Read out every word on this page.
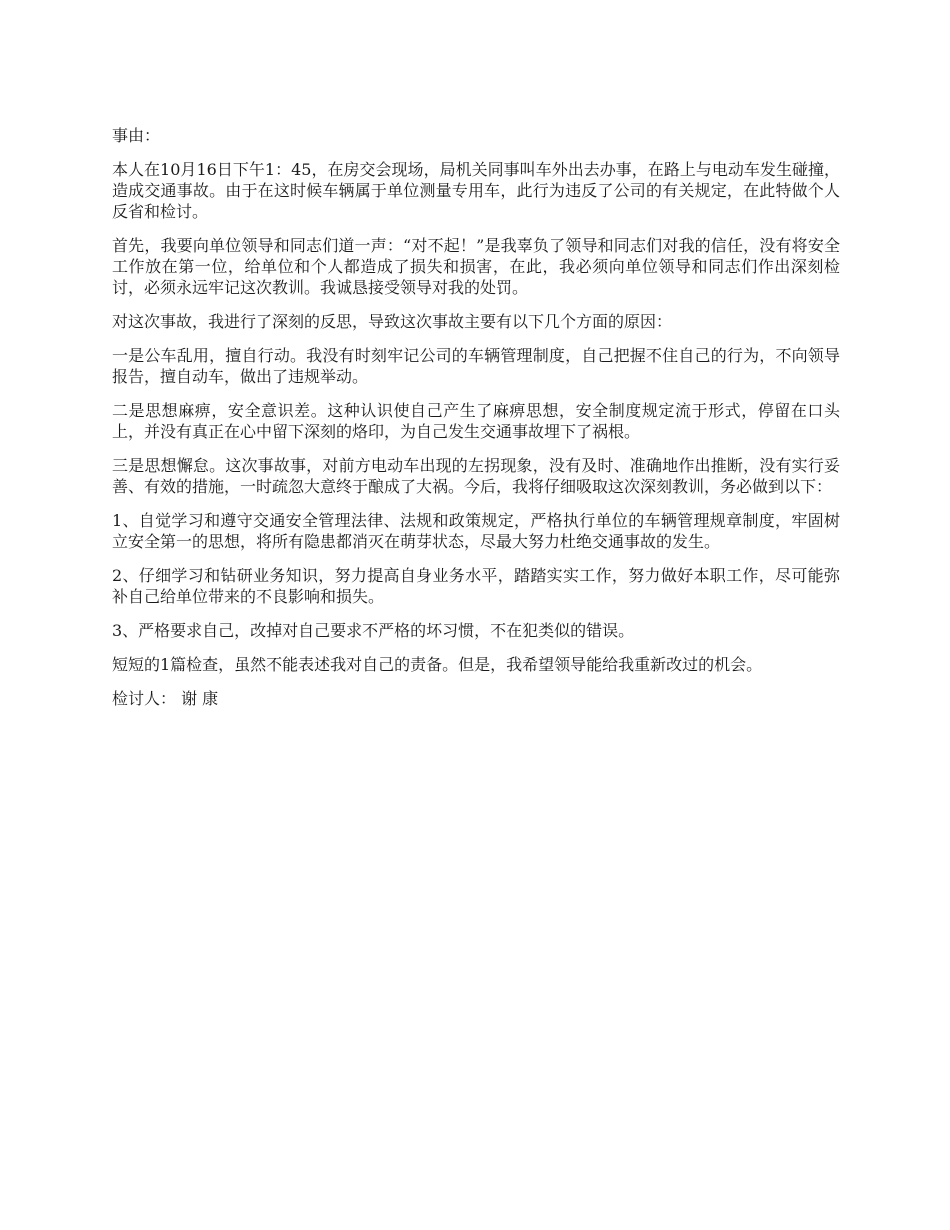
事由：

本人在10月16日下午1：45，在房交会现场，局机关同事叫车外出去办事，在路上与电动车发生碰撞，造成交通事故。由于在这时候车辆属于单位测量专用车，此行为违反了公司的有关规定，在此特做个人反省和检讨。

首先，我要向单位领导和同志们道一声：“对不起！”是我辜负了领导和同志们对我的信任，没有将安全工作放在第一位，给单位和个人都造成了损失和损害，在此，我必须向单位领导和同志们作出深刻检讨，必须永远牢记这次教训。我诚恳接受领导对我的处罚。

对这次事故，我进行了深刻的反思，导致这次事故主要有以下几个方面的原因：

一是公车乱用，擅自行动。我没有时刻牢记公司的车辆管理制度，自己把握不住自己的行为，不向领导报告，擅自动车，做出了违规举动。

二是思想麻痹，安全意识差。这种认识使自己产生了麻痹思想，安全制度规定流于形式，停留在口头上，并没有真正在心中留下深刻的烙印，为自己发生交通事故埋下了祸根。

三是思想懈怠。这次事故事，对前方电动车出现的左拐现象，没有及时、准确地作出推断，没有实行妥善、有效的措施，一时疏忽大意终于酿成了大祸。今后，我将仔细吸取这次深刻教训，务必做到以下：

1、自觉学习和遵守交通安全管理法律、法规和政策规定，严格执行单位的车辆管理规章制度，牢固树立安全第一的思想，将所有隐患都消灭在萌芽状态，尽最大努力杜绝交通事故的发生。

2、仔细学习和钻研业务知识，努力提高自身业务水平，踏踏实实工作，努力做好本职工作，尽可能弥补自己给单位带来的不良影响和损失。

3、严格要求自己，改掉对自己要求不严格的坏习惯，不在犯类似的错误。

短短的1篇检查，虽然不能表述我对自己的责备。但是，我希望领导能给我重新改过的机会。

检讨人： 谢 康
